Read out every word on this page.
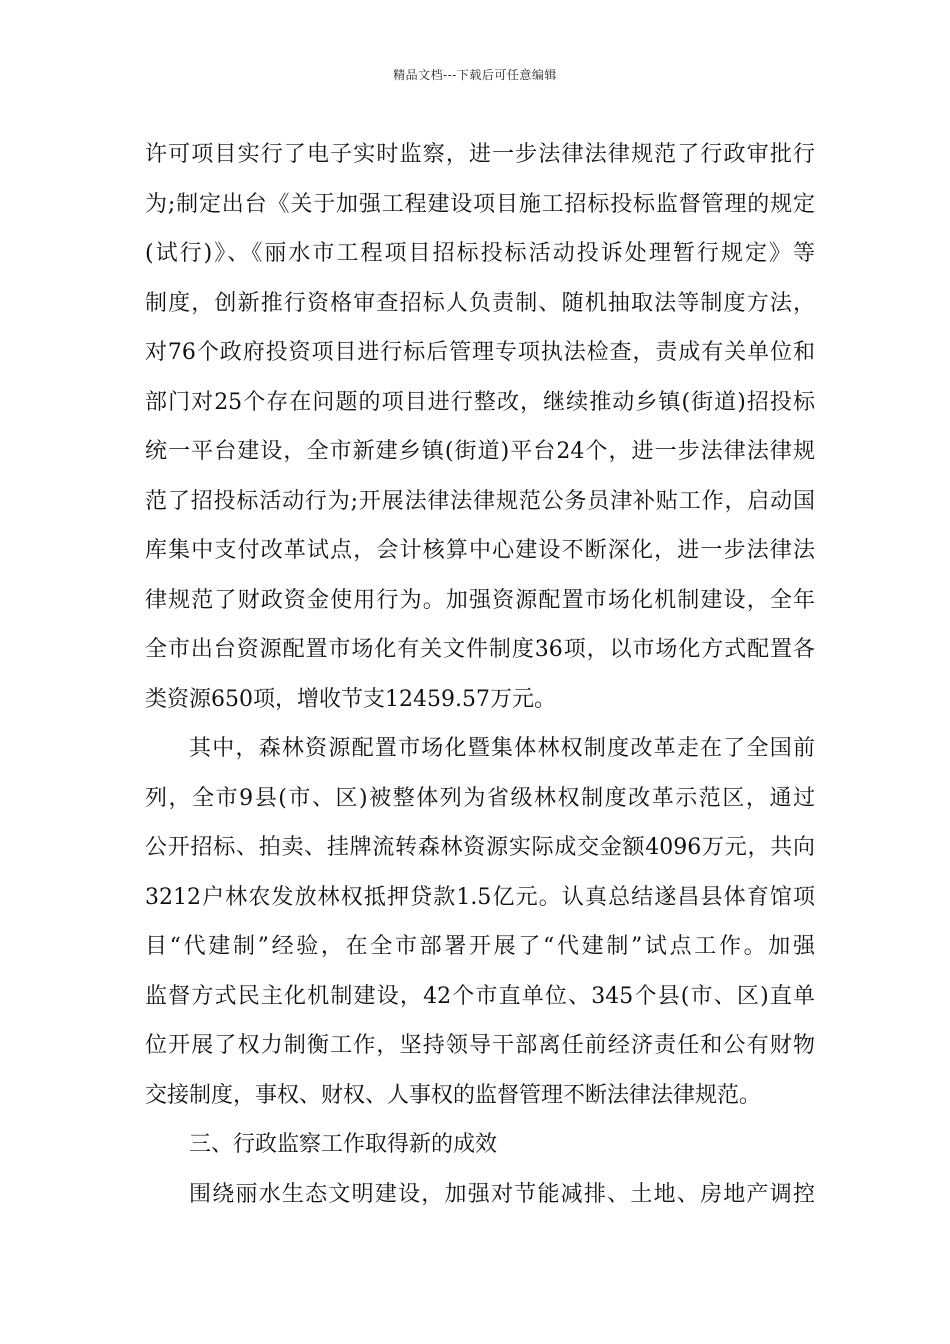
精品文档---下载后可任意编辑
许可项目实行了电子实时监察，进一步法律法律规范了行政审批行
为;制定出台《关于加强工程建设项目施工招标投标监督管理的规定
(试行)》、《丽水市工程项目招标投标活动投诉处理暂行规定》等
制度，创新推行资格审查招标人负责制、随机抽取法等制度方法，
对76个政府投资项目进行标后管理专项执法检查，责成有关单位和
部门对25个存在问题的项目进行整改，继续推动乡镇(街道)招投标
统一平台建设，全市新建乡镇(街道)平台24个，进一步法律法律规
范了招投标活动行为;开展法律法律规范公务员津补贴工作，启动国
库集中支付改革试点，会计核算中心建设不断深化，进一步法律法
律规范了财政资金使用行为。加强资源配置市场化机制建设，全年
全市出台资源配置市场化有关文件制度36项，以市场化方式配置各
类资源650项，增收节支12459.57万元。
其中，森林资源配置市场化暨集体林权制度改革走在了全国前
列，全市9县(市、区)被整体列为省级林权制度改革示范区，通过
公开招标、拍卖、挂牌流转森林资源实际成交金额4096万元，共向
3212户林农发放林权抵押贷款1.5亿元。认真总结遂昌县体育馆项
目“代建制”经验，在全市部署开展了“代建制”试点工作。加强
监督方式民主化机制建设，42个市直单位、345个县(市、区)直单
位开展了权力制衡工作，坚持领导干部离任前经济责任和公有财物
交接制度，事权、财权、人事权的监督管理不断法律法律规范。
三、行政监察工作取得新的成效
围绕丽水生态文明建设，加强对节能减排、土地、房地产调控
